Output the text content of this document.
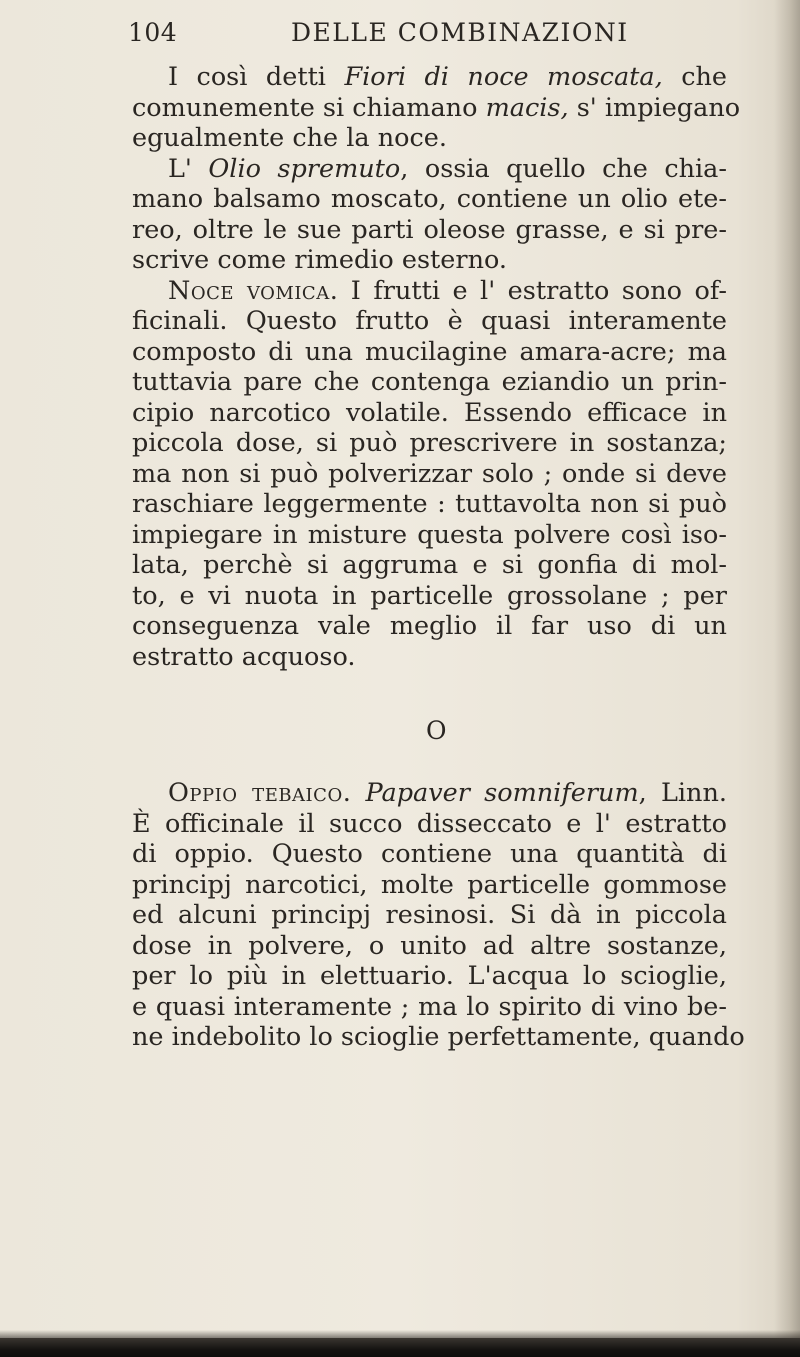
104	DELLE COMBINAZIONI
I così detti Fiori di noce moscata, che
comunemente si chiamano macis, s' impiegano
egualmente che la noce.
L' Olio spremuto, ossia quello che chia-
mano balsamo moscato, contiene un olio ete-
reo, oltre le sue parti oleose grasse, e si pre-
scrive come rimedio esterno.
Noce vomica. I frutti e l' estratto sono of-
ficinali. Questo frutto è quasi interamente
composto di una mucilagine amara-acre; ma
tuttavia pare che contenga eziandio un prin-
cipio narcotico volatile. Essendo efficace in
piccola dose, si può prescrivere in sostanza;
ma non si può polverizzar solo ; onde si deve
raschiare leggermente : tuttavolta non si può
impiegare in misture questa polvere così iso-
lata, perchè si aggruma e si gonfia di mol-
to, e vi nuota in particelle grossolane ; per
conseguenza vale meglio il far uso di un
estratto acquoso.
O
Oppio tebaico. Papaver somniferum, Linn.
È officinale il succo disseccato e l' estratto
di oppio. Questo contiene una quantità di
principj narcotici, molte particelle gommose
ed alcuni principj resinosi. Si dà in piccola
dose in polvere, o unito ad altre sostanze,
per lo più in elettuario. L'acqua lo scioglie,
e quasi interamente ; ma lo spirito di vino be-
ne indebolito lo scioglie perfettamente, quando
